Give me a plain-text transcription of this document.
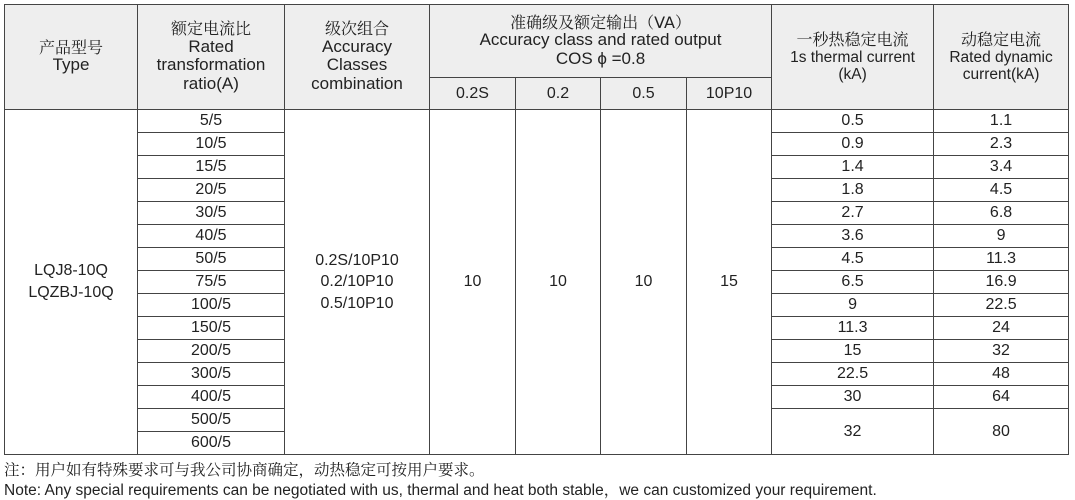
产品型号
Type	额定电流比
Rated
transformation
ratio(A)	级次组合
Accuracy
Classes
combination	准确级及额定输出（VA）
Accuracy class and rated output
COS ϕ =0.8				一秒热稳定电流
1s thermal current
(kA)	动稳定电流
Rated dynamic
current(kA)

			0.2S	0.2	0.5	10P10		

LQJ8-10Q
LQZBJ-10Q	5/5	0.2S/10P10
0.2/10P10
0.5/10P10	10	10	10	15	0.5	1.1
	10/5						0.9	2.3
	15/5						1.4	3.4
	20/5						1.8	4.5
	30/5						2.7	6.8
	40/5						3.6	9
	50/5						4.5	11.3
	75/5						6.5	16.9
	100/5						9	22.5
	150/5						11.3	24
	200/5						15	32
	300/5						22.5	48
	400/5						30	64
	500/5						32	80
	600/5							
注：用户如有特殊要求可与我公司协商确定，动热稳定可按用户要求。
Note: Any special requirements can be negotiated with us, thermal and heat both stable，we can customized your requirement.
